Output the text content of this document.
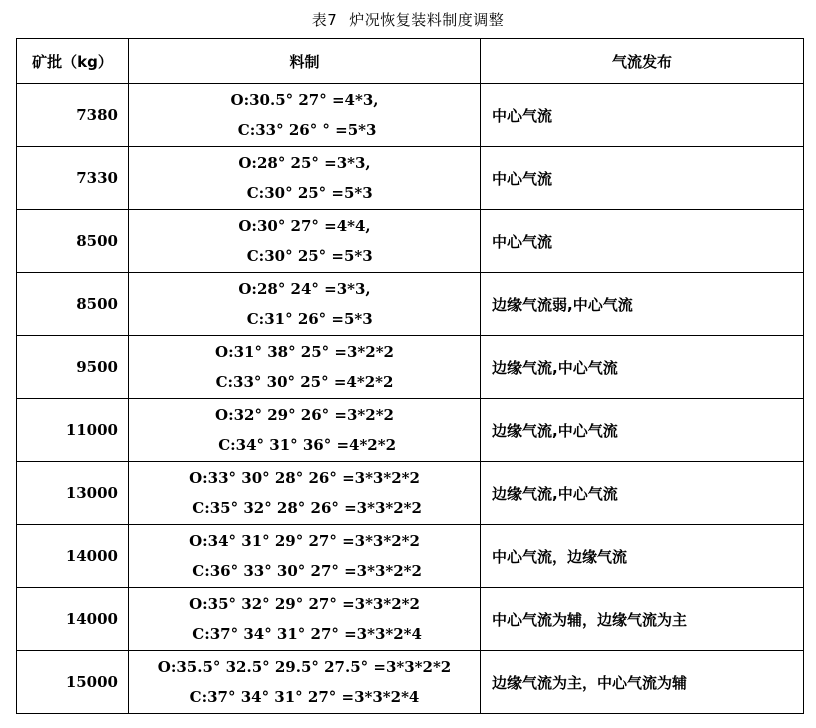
表7 炉况恢复装料制度调整
矿批（kg）	料制	气流发布
7380	O:30.5° 27° =4*3,
C:33° 26° ° =5*3	中心气流
7330	O:28° 25° =3*3,
C:30° 25° =5*3	中心气流
8500	O:30° 27° =4*4,
C:30° 25° =5*3	中心气流
8500	O:28° 24° =3*3,
C:31° 26° =5*3	边缘气流弱,中心气流
9500	O:31° 38° 25° =3*2*2
C:33° 30° 25° =4*2*2	边缘气流,中心气流
11000	O:32° 29° 26° =3*2*2
C:34° 31° 36° =4*2*2	边缘气流,中心气流
13000	O:33° 30° 28° 26° =3*3*2*2
C:35° 32° 28° 26° =3*3*2*2	边缘气流,中心气流
14000	O:34° 31° 29° 27° =3*3*2*2
C:36° 33° 30° 27° =3*3*2*2	中心气流，边缘气流
14000	O:35° 32° 29° 27° =3*3*2*2
C:37° 34° 31° 27° =3*3*2*4	中心气流为辅，边缘气流为主
15000	O:35.5° 32.5° 29.5° 27.5° =3*3*2*2
C:37° 34° 31° 27° =3*3*2*4	边缘气流为主，中心气流为辅
